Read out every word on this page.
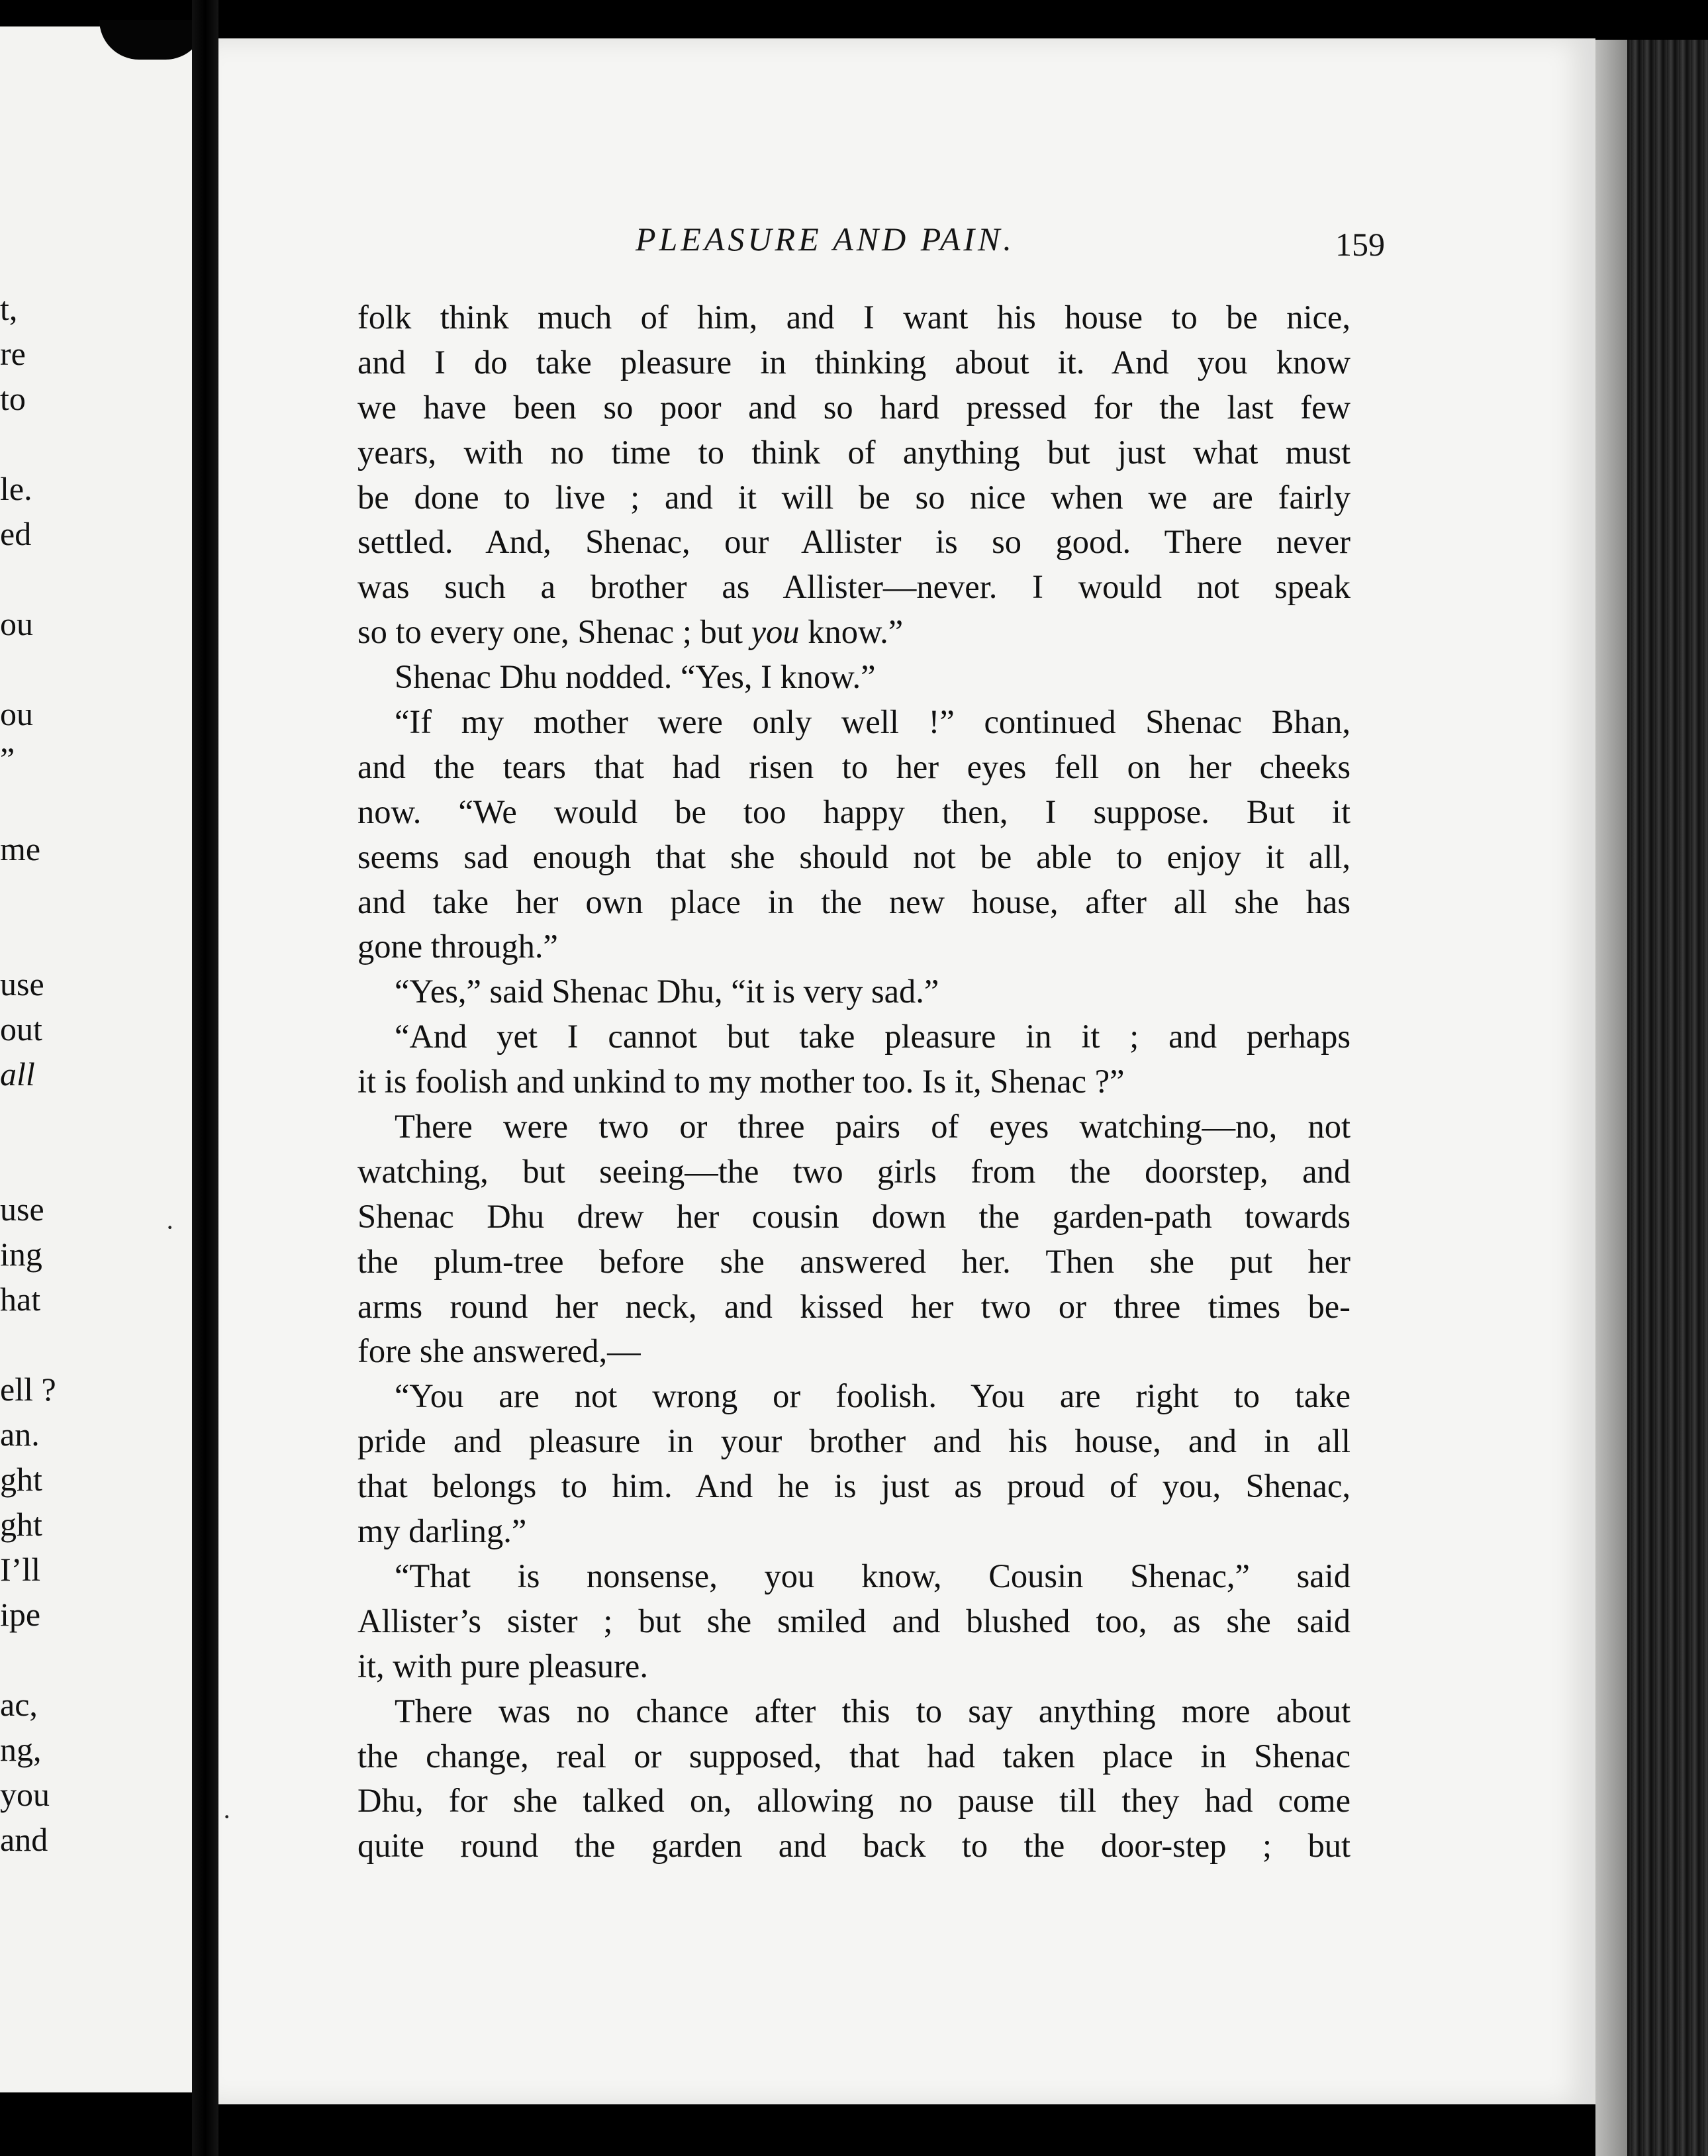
t,
re
to
le.
ed
ou
ou
”
me
use
out
all
use
ing
hat
ell ?
an.
ght
ght
I’ll
ipe
ac,
ng,
you
and
PLEASURE AND PAIN.	159
folk think much of him, and I want his house to be nice,
and I do take pleasure in thinking about it. And you know
we have been so poor and so hard pressed for the last few
years, with no time to think of anything but just what must
be done to live ; and it will be so nice when we are fairly
settled. And, Shenac, our Allister is so good. There never
was such a brother as Allister—never. I would not speak
so to every one, Shenac ; but you know.”
Shenac Dhu nodded. “Yes, I know.”
“If my mother were only well !” continued Shenac Bhan,
and the tears that had risen to her eyes fell on her cheeks
now. “We would be too happy then, I suppose. But it
seems sad enough that she should not be able to enjoy it all,
and take her own place in the new house, after all she has
gone through.”
“Yes,” said Shenac Dhu, “it is very sad.”
“And yet I cannot but take pleasure in it ; and perhaps
it is foolish and unkind to my mother too. Is it, Shenac ?”
There were two or three pairs of eyes watching—no, not
watching, but seeing—the two girls from the doorstep, and
Shenac Dhu drew her cousin down the garden-path towards
the plum-tree before she answered her. Then she put her
arms round her neck, and kissed her two or three times be-
fore she answered,—
“You are not wrong or foolish. You are right to take
pride and pleasure in your brother and his house, and in all
that belongs to him. And he is just as proud of you, Shenac,
my darling.”
“That is nonsense, you know, Cousin Shenac,” said
Allister’s sister ; but she smiled and blushed too, as she said
it, with pure pleasure.
There was no chance after this to say anything more about
the change, real or supposed, that had taken place in Shenac
Dhu, for she talked on, allowing no pause till they had come
quite round the garden and back to the door-step ; but
·
·
